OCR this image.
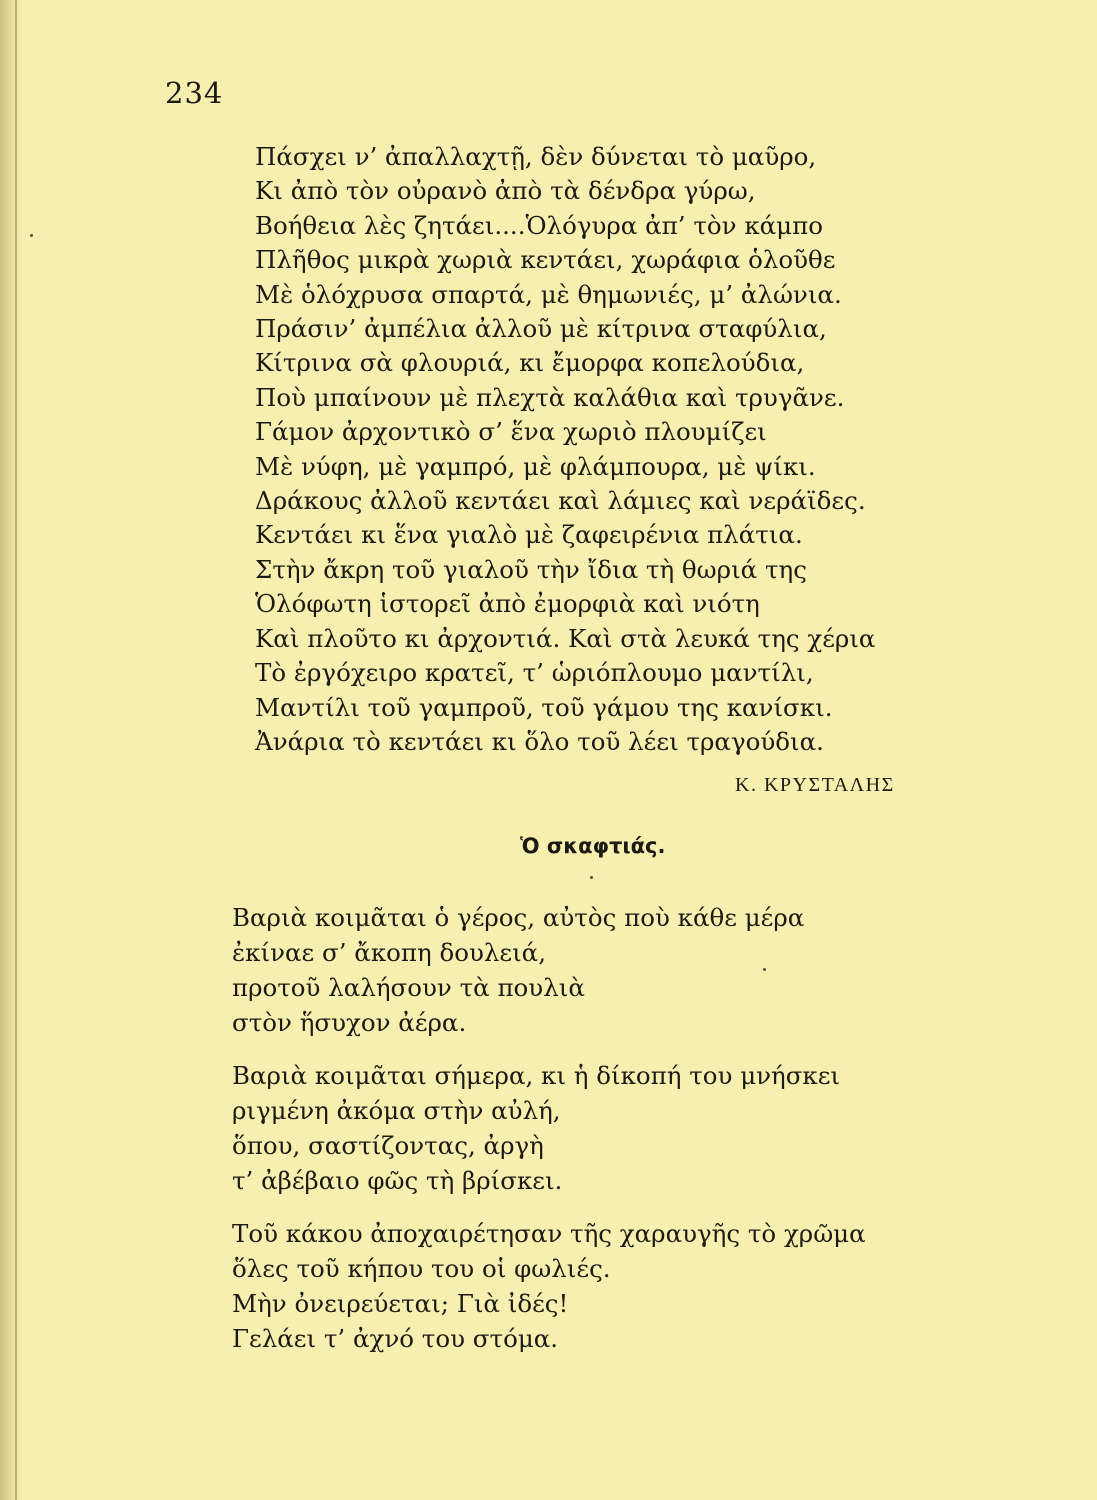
234
Πάσχει ν’ ἀπαλλαχτῇ, δὲν δύνεται τὸ μαῦρο,
Κι ἀπὸ τὸν οὐρανὸ ἀπὸ τὰ δένδρα γύρω,
Βοήθεια λὲς ζητάει....Ὁλόγυρα ἀπ’ τὸν κάμπο
Πλῆθος μικρὰ χωριὰ κεντάει, χωράφια ὁλοῦθε
Μὲ ὁλόχρυσα σπαρτά, μὲ θημωνιές, μ’ ἀλώνια.
Πράσιν’ ἀμπέλια ἀλλοῦ μὲ κίτρινα σταφύλια,
Κίτρινα σὰ φλουριά, κι ἔμορφα κοπελούδια,
Ποὺ μπαίνουν μὲ πλεχτὰ καλάθια καὶ τρυγᾶνε.
Γάμον ἀρχοντικὸ σ’ ἕνα χωριὸ πλουμίζει
Μὲ νύφη, μὲ γαμπρό, μὲ φλάμπουρα, μὲ ψίκι.
Δράκους ἀλλοῦ κεντάει καὶ λάμιες καὶ νεράϊδες.
Κεντάει κι ἕνα γιαλὸ μὲ ζαφειρένια πλάτια.
Στὴν ἄκρη τοῦ γιαλοῦ τὴν ἴδια τὴ θωριά της
Ὁλόφωτη ἱστορεῖ ἀπὸ ἐμορφιὰ καὶ νιότη
Καὶ πλοῦτο κι ἀρχοντιά. Καὶ στὰ λευκά της χέρια
Τὸ ἐργόχειρο κρατεῖ, τ’ ὡριόπλουμο μαντίλι,
Μαντίλι τοῦ γαμπροῦ, τοῦ γάμου της κανίσκι.
Ἀνάρια τὸ κεντάει κι ὅλο τοῦ λέει τραγούδια.
Κ. ΚΡΥΣΤΑΛΗΣ
Ὁ σκαφτιάς.
Βαριὰ κοιμᾶται ὁ γέρος, αὐτὸς ποὺ κάθε μέρα
ἐκίναε σ’ ἄκοπη δουλειά,
προτοῦ λαλήσουν τὰ πουλιὰ
στὸν ἥσυχον ἀέρα.
Βαριὰ κοιμᾶται σήμερα, κι ἡ δίκοπή του μνήσκει
ριγμένη ἀκόμα στὴν αὐλή,
ὅπου, σαστίζοντας, ἀργὴ
τ’ ἀβέβαιο φῶς τὴ βρίσκει.
Τοῦ κάκου ἀποχαιρέτησαν τῆς χαραυγῆς τὸ χρῶμα
ὅλες τοῦ κήπου του οἱ φωλιές.
Μὴν ὀνειρεύεται; Γιὰ ἰδές!
Γελάει τ’ ἀχνό του στόμα.
